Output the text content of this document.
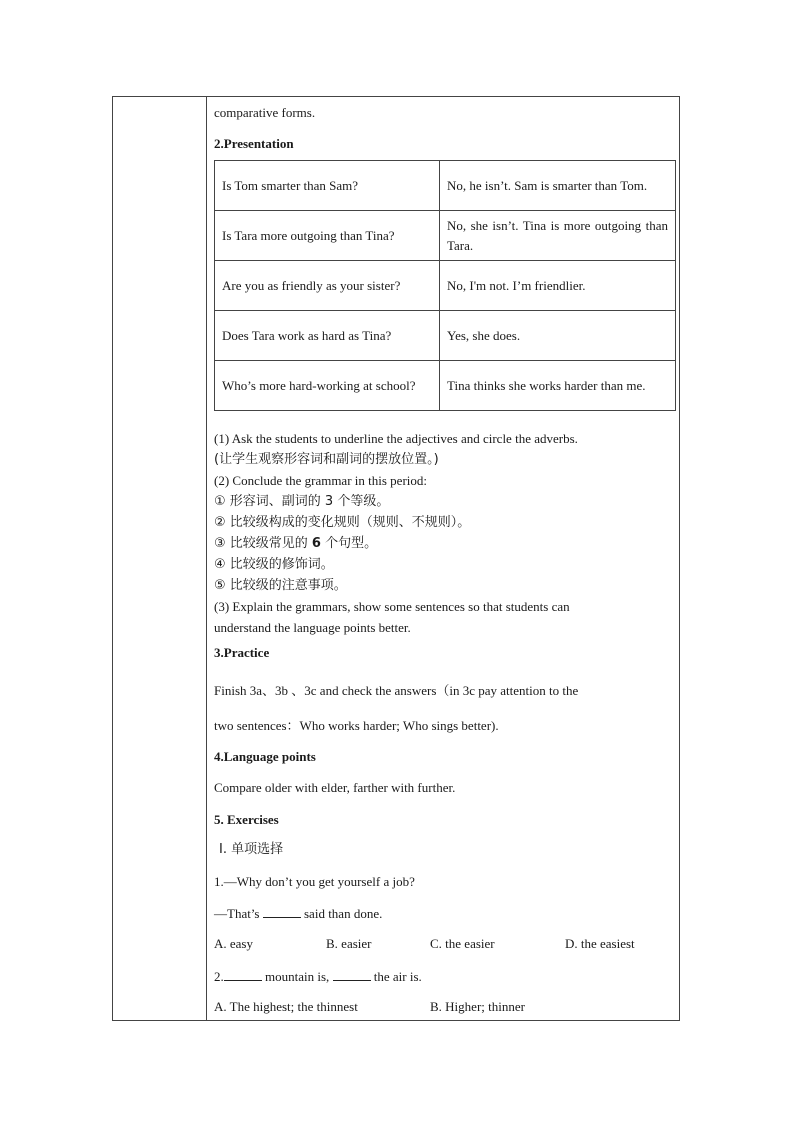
comparative forms.
2.Presentation
Is Tom smarter than Sam?	No, he isn’t. Sam is smarter than Tom.
Is Tara more outgoing than Tina?	No, she isn’t. Tina is more outgoing than Tara.
Are you as friendly as your sister?	No, I'm not. I’m friendlier.
Does Tara work as hard as Tina?	Yes, she does.
Who’s more hard-working at school?	Tina thinks she works harder than me.
(1) Ask the students to underline the adjectives and circle the adverbs.
(让学生观察形容词和副词的摆放位置。)
(2) Conclude the grammar in this period:
① 形容词、副词的 3 个等级。
② 比较级构成的变化规则（规则、不规则）。
③ 比较级常见的 6 个句型。
④ 比较级的修饰词。
⑤ 比较级的注意事项。
(3) Explain the grammars, show some sentences so that students can
understand the language points better.
3.Practice
Finish 3a、3b 、3c and check the answers（in 3c pay attention to the
two sentences：Who works harder; Who sings better).
4.Language points
Compare older with elder, farther with further.
5. Exercises
Ⅰ. 单项选择
1.—Why don’t you get yourself a job?
—That’s	said than done.
A. easy	B. easier	C. the easier	D. the easiest
2.	mountain is,	the air is.
A. The highest; the thinnest	B. Higher; thinner
